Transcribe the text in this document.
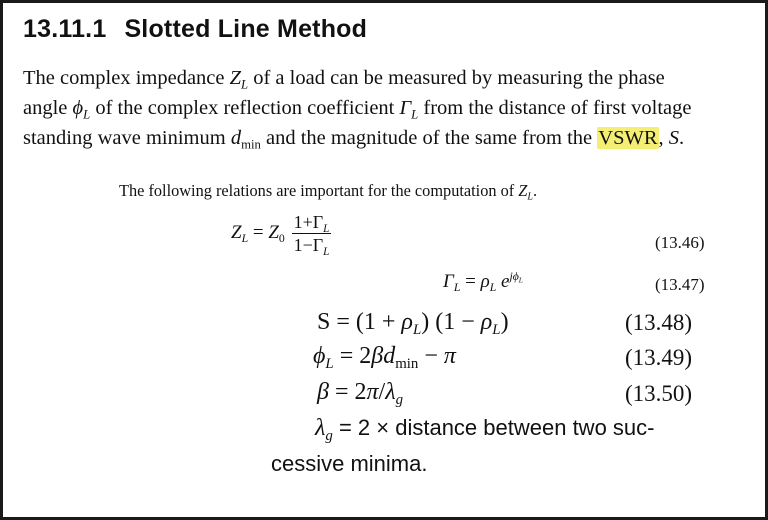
13.11.1 Slotted Line Method
The complex impedance $Z_L$ of a load can be measured by measuring the phase
angle $\phi_L$ of the complex reflection coefficient $\Gamma_L$ from the distance of first voltage
standing wave minimum $d_{min}$ and the magnitude of the same from the VSWR, S.
The following relations are important for the computation of $Z_L$.
$Z_L = Z_0 \frac{1+\Gamma_L}{1-\Gamma_L}$	(13.46)
$\Gamma_L = \rho_L$ $e^{j\phi_L}$	(13.47)
$S = (1 + \rho_L)$ $(1 - \rho_L)$	(13.48)
$\phi_L = 2\beta d_{min} - \pi$	(13.49)
$\beta = 2\pi/\lambda_g$	(13.50)
$\lambda_g = 2$ × distance between two suc-
cessive minima.
